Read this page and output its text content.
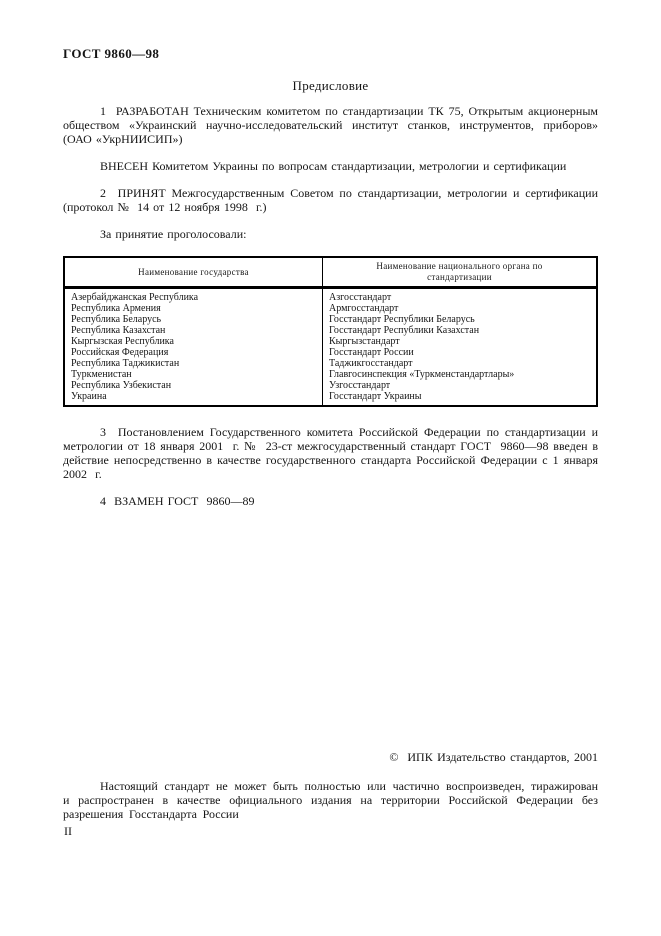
ГОСТ 9860—98
Предисловие

1  РАЗРАБОТАН Техническим комитетом по стандартизации ТК 75, Открытым акционерным обществом «Украинский научно-исследовательский институт станков, инструментов, приборов» (ОАО «УкрНИИСИП»)

ВНЕСЕН Комитетом Украины по вопросам стандартизации, метрологии и сертификации

2  ПРИНЯТ Межгосударственным Советом по стандартизации, метрологии и сертификации (протокол №  14 от 12 ноября 1998  г.)

За принятие проголосовали:

Наименование государства	Наименование национального органа по стандартизации
Азербайджанская Республика	Азгосстандарт
Республика Армения	Армгосстандарт
Республика Беларусь	Госстандарт Республики Беларусь
Республика Казахстан	Госстандарт Республики Казахстан
Кыргызская Республика	Кыргызстандарт
Российская Федерация	Госстандарт России
Республика Таджикистан	Таджикгосстандарт
Туркменистан	Главгосинспекция «Туркменстандартлары»
Республика Узбекистан	Узгосстандарт
Украина	Госстандарт Украины

3  Постановлением Государственного комитета Российской Федерации по стандартизации и метрологии от 18 января 2001  г. №  23-ст межгосударственный стандарт ГОСТ  9860—98 введен в действие непосредственно в качестве государственного стандарта Российской Федерации с 1 января 2002  г.

4  ВЗАМЕН ГОСТ  9860—89

©  ИПК Издательство стандартов, 2001

Настоящий стандарт не может быть полностью или частично воспроизведен, тиражирован и распространен в качестве официального издания на территории Российской Федерации без разрешения Госстандарта России

II
